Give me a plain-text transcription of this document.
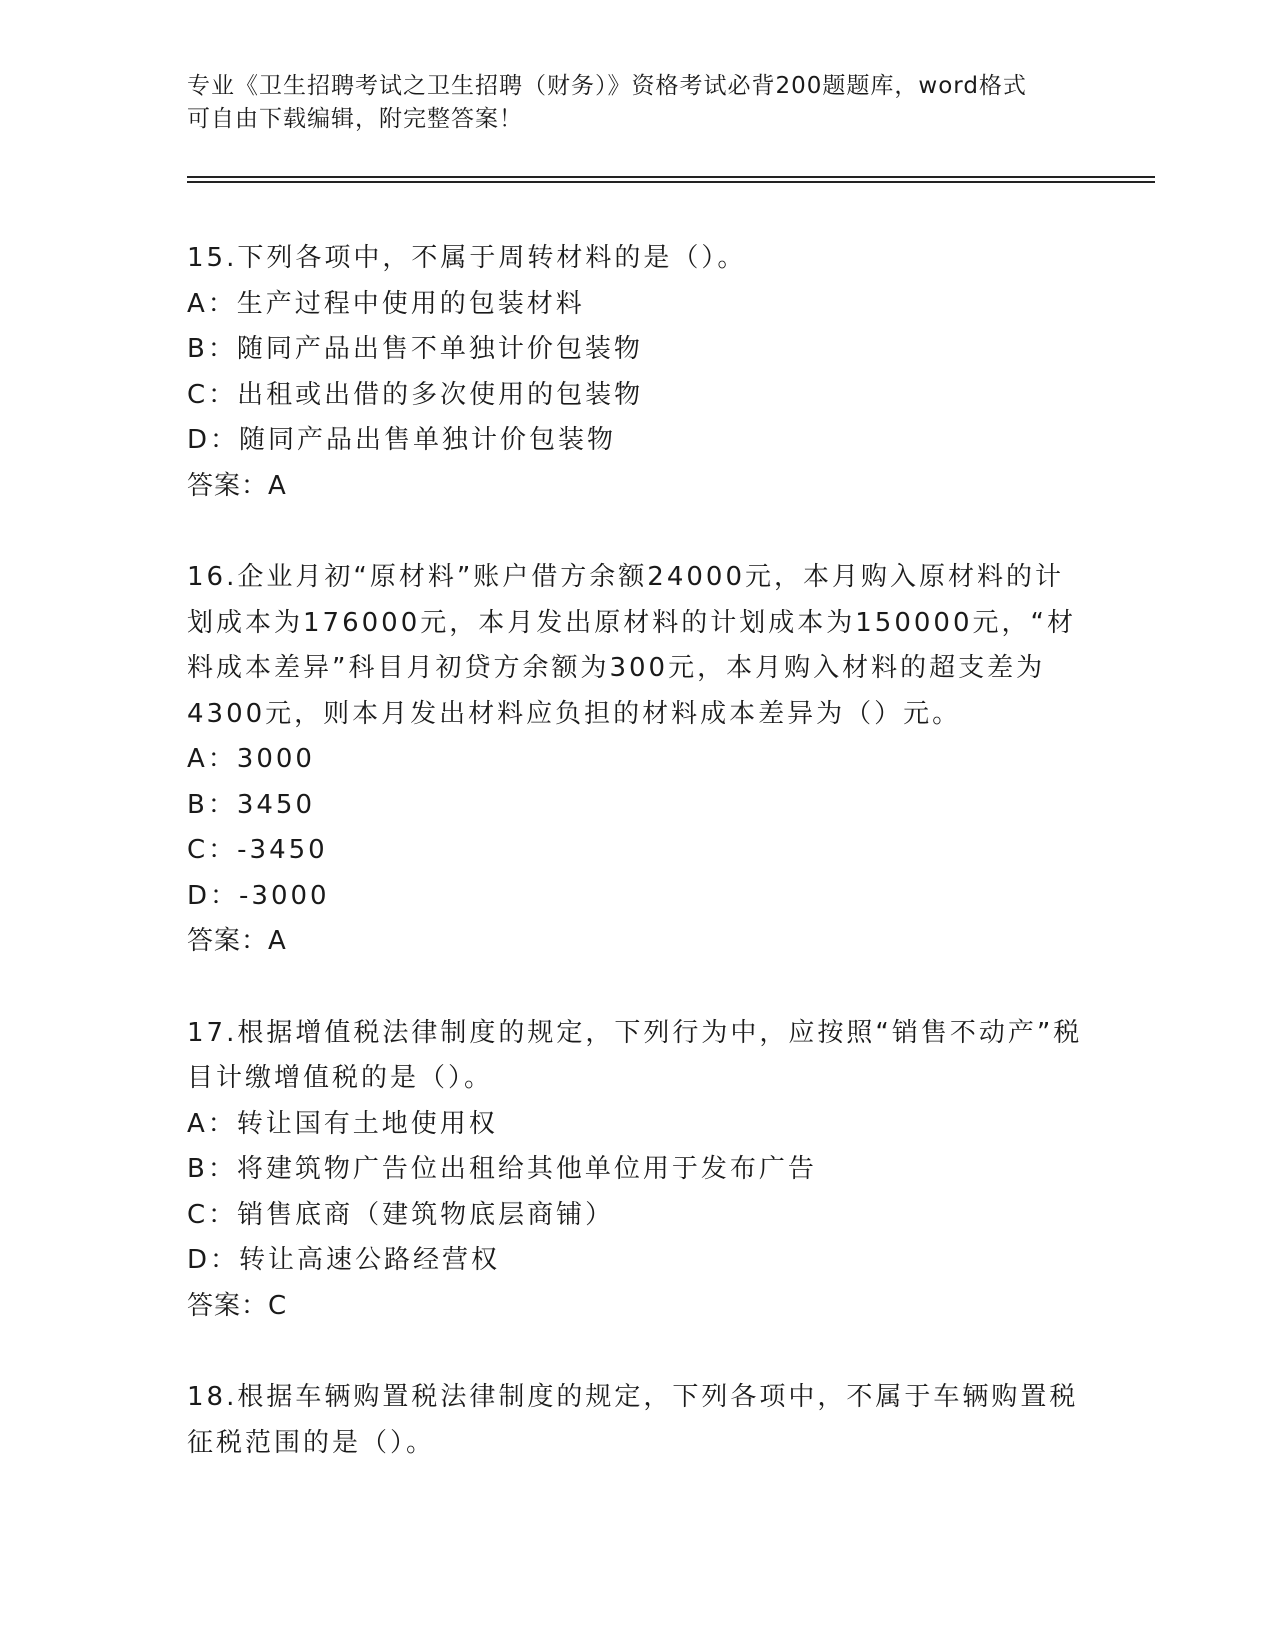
专业《卫生招聘考试之卫生招聘（财务）》资格考试必背200题题库，word格式
可自由下载编辑，附完整答案！
15.下列各项中，不属于周转材料的是（）。
A：生产过程中使用的包装材料
B：随同产品出售不单独计价包装物
C：出租或出借的多次使用的包装物
D：随同产品出售单独计价包装物
答案：A
16.企业月初“原材料”账户借方余额24000元，本月购入原材料的计划成本为176000元，本月发出原材料的计划成本为150000元，“材料成本差异”科目月初贷方余额为300元，本月购入材料的超支差为4300元，则本月发出材料应负担的材料成本差异为（）元。
A：3000
B：3450
C：-3450
D：-3000
答案：A
17.根据增值税法律制度的规定，下列行为中，应按照“销售不动产”税目计缴增值税的是（）。
A：转让国有土地使用权
B：将建筑物广告位出租给其他单位用于发布广告
C：销售底商（建筑物底层商铺）
D：转让高速公路经营权
答案：C
18.根据车辆购置税法律制度的规定，下列各项中，不属于车辆购置税征税范围的是（）。
